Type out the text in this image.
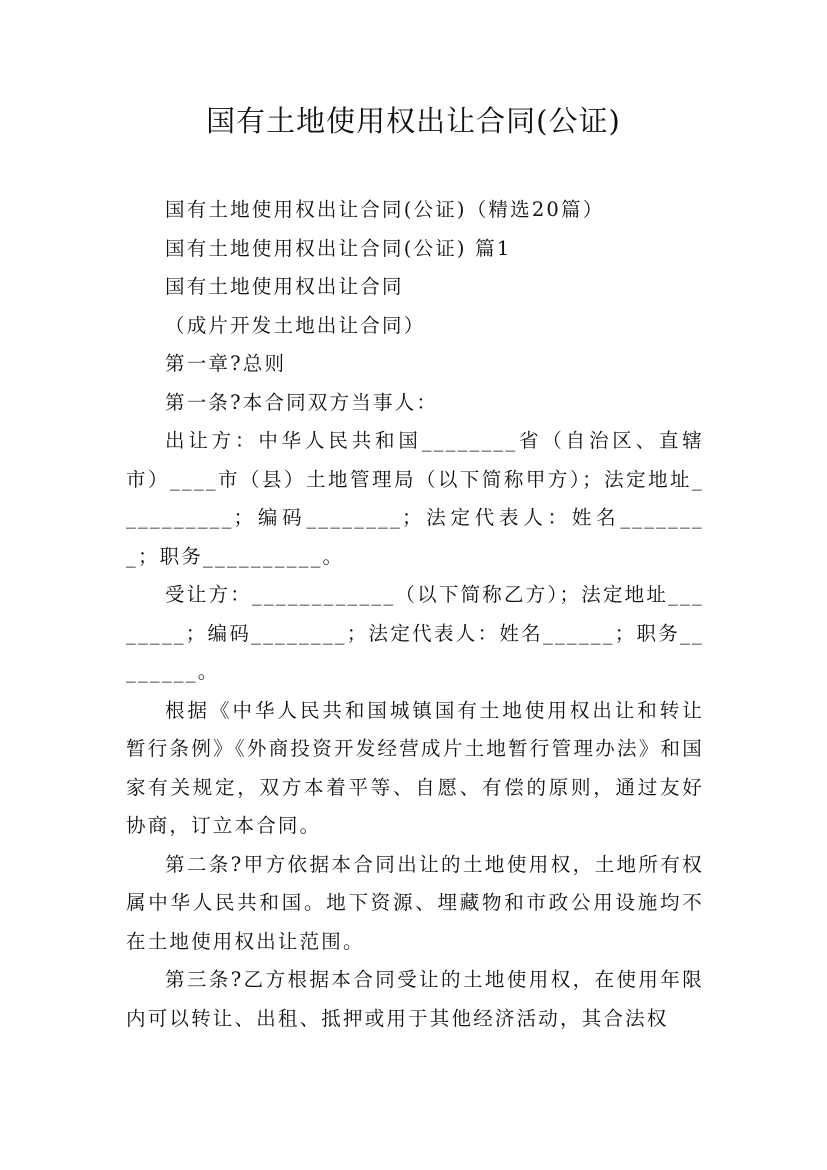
国有土地使用权出让合同(公证)

国有土地使用权出让合同(公证)（精选20篇）

国有土地使用权出让合同(公证) 篇1

国有土地使用权出让合同

（成片开发土地出让合同）

第一章?总则

第一条?本合同双方当事人：

出让方：中华人民共和国________省（自治区、直辖市）____市（县）土地管理局（以下简称甲方）；法定地址__________；编码________；法定代表人：姓名________；职务__________。

受让方：____________（以下简称乙方）；法定地址________；编码________；法定代表人：姓名______；职务________。

根据《中华人民共和国城镇国有土地使用权出让和转让暂行条例》《外商投资开发经营成片土地暂行管理办法》和国家有关规定，双方本着平等、自愿、有偿的原则，通过友好协商，订立本合同。

第二条?甲方依据本合同出让的土地使用权，土地所有权属中华人民共和国。地下资源、埋藏物和市政公用设施均不在土地使用权出让范围。

第三条?乙方根据本合同受让的土地使用权，在使用年限内可以转让、出租、抵押或用于其他经济活动，其合法权
